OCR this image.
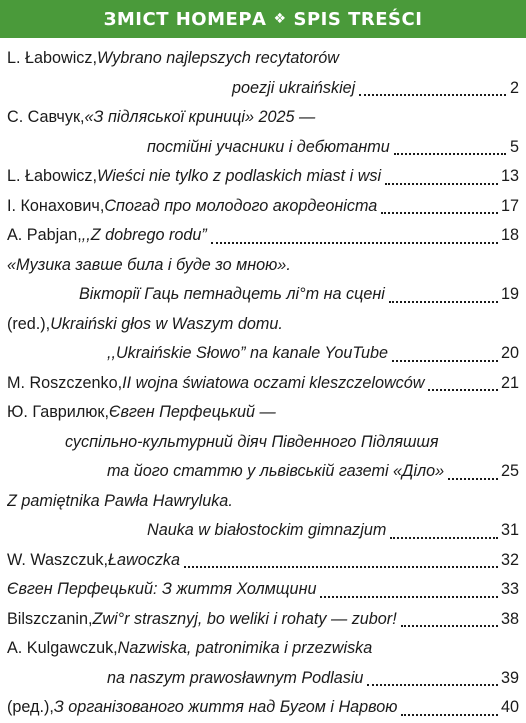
ЗМІСТ НОМЕРА ❖ SPIS TREŚCI
L. Łabowicz, Wybrano najlepszych recytatorów
poezji ukraińskiej	2
С. Савчук, «З підляської криниці» 2025 —
постійні учасники і дебютанти	5
L. Łabowicz, Wieści nie tylko z podlaskich miast i wsi	13
І. Конахович, Спогад про молодого акордеоніста	17
A. Pabjan, ,,Z dobrego rodu”	18
«Музика завше била і буде зо мною».
Вікторії Гаць петнадцеть лі°т на сцені	19
(red.), Ukraiński głos w Waszym domu.
,,Ukraińskie Słowo” na kanale YouTube	20
M. Roszczenko, II wojna światowa oczami kleszczelowców	21
Ю. Гаврилюк, Євген Перфецький —
суспільно-культурний діяч Південного Підляшшя
та його статтю у львівській газеті «Діло»	25
Z pamiętnika Pawła Hawryluka.
Nauka w białostockim gimnazjum	31
W. Waszczuk, Ławoczka	32
Євген Перфецький: З життя Холмщини	33
Bilszczanin, Zwi°r strasznyj, bo weliki i rohaty — zubor!	38
A. Kulgawczuk, Nazwiska, patronimika i przezwiska
na naszym prawosławnym Podlasiu	39
(ред.), З організованого життя над Бугом і Нарвою	40
